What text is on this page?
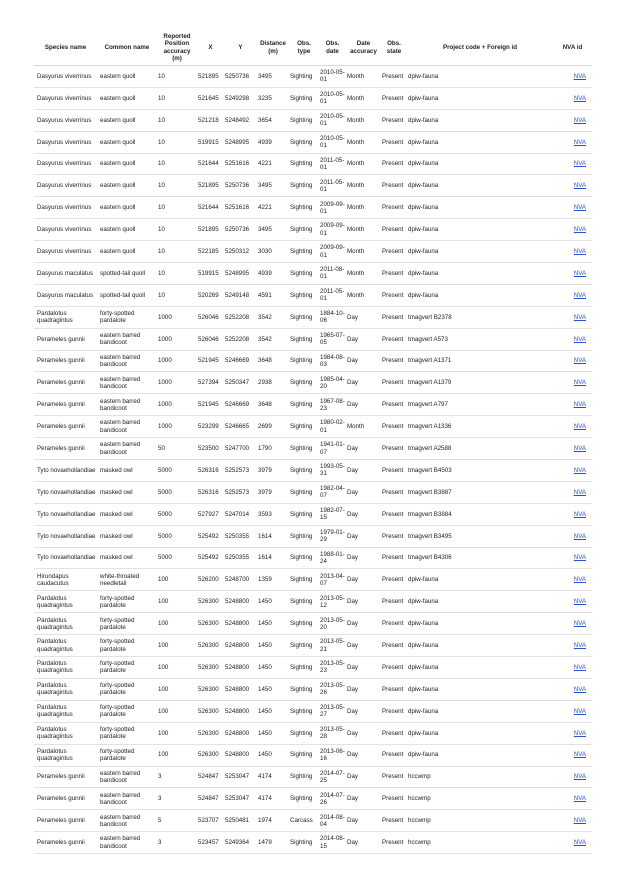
Species name	Common name	Reported Position accuracy (m)	X	Y	Distance (m)	Obs. type	Obs. date	Date accuracy	Obs. state	Project code + Foreign id	NVA id
Dasyurus viverrinus	eastern quoll	10	521895	5250736	3495	Sighting	2010-05-01	Month	Present	dpiw-fauna	NVA
Dasyurus viverrinus	eastern quoll	10	521645	5249298	3235	Sighting	2010-05-01	Month	Present	dpiw-fauna	NVA
Dasyurus viverrinus	eastern quoll	10	521218	5248492	3654	Sighting	2010-05-01	Month	Present	dpiw-fauna	NVA
Dasyurus viverrinus	eastern quoll	10	519915	5248995	4939	Sighting	2010-05-01	Month	Present	dpiw-fauna	NVA
Dasyurus viverrinus	eastern quoll	10	521644	5251616	4221	Sighting	2011-05-01	Month	Present	dpiw-fauna	NVA
Dasyurus viverrinus	eastern quoll	10	521895	5250736	3495	Sighting	2011-05-01	Month	Present	dpiw-fauna	NVA
Dasyurus viverrinus	eastern quoll	10	521644	5251616	4221	Sighting	2009-09-01	Month	Present	dpiw-fauna	NVA
Dasyurus viverrinus	eastern quoll	10	521895	5250736	3495	Sighting	2009-09-01	Month	Present	dpiw-fauna	NVA
Dasyurus viverrinus	eastern quoll	10	522185	5250312	3030	Sighting	2009-09-01	Month	Present	dpiw-fauna	NVA
Dasyurus maculatus	spotted-tail quoll	10	519915	5248995	4939	Sighting	2011-08-01	Month	Present	dpiw-fauna	NVA
Dasyurus maculatus	spotted-tail quoll	10	520269	5249148	4591	Sighting	2011-05-01	Month	Present	dpiw-fauna	NVA
Pardalotus quadragintus	forty-spotted pardalote	1000	526046	5252208	3542	Sighting	1884-10-06	Day	Present	tmagvert B2378	NVA
Perameles gunnii	eastern barred bandicoot	1000	526046	5252208	3542	Sighting	1965-07-05	Day	Present	tmagvert A573	NVA
Perameles gunnii	eastern barred bandicoot	1000	521945	5246669	3648	Sighting	1984-08-03	Day	Present	tmagvert A1371	NVA
Perameles gunnii	eastern barred bandicoot	1000	527394	5250347	2938	Sighting	1985-04-20	Day	Present	tmagvert A1379	NVA
Perameles gunnii	eastern barred bandicoot	1000	521945	5246669	3648	Sighting	1967-08-23	Day	Present	tmagvert A797	NVA
Perameles gunnii	eastern barred bandicoot	1000	523299	5246665	2699	Sighting	1980-02-01	Month	Present	tmagvert A1336	NVA
Perameles gunnii	eastern barred bandicoot	50	523500	5247700	1790	Sighting	1941-01-07	Day	Present	tmagvert A2588	NVA
Tyto novaehollandiae	masked owl	5000	526316	5252573	3979	Sighting	1993-05-31	Day	Present	tmagvert B4503	NVA
Tyto novaehollandiae	masked owl	5000	526316	5252573	3979	Sighting	1982-04-07	Day	Present	tmagvert B3887	NVA
Tyto novaehollandiae	masked owl	5000	527927	5247014	3593	Sighting	1982-07-15	Day	Present	tmagvert B3884	NVA
Tyto novaehollandiae	masked owl	5000	525492	5250355	1614	Sighting	1979-01-29	Day	Present	tmagvert B3495	NVA
Tyto novaehollandiae	masked owl	5000	525492	5250355	1614	Sighting	1988-01-24	Day	Present	tmagvert B4306	NVA
Hirundapus caudacutus	white-throated needletail	100	526200	5248700	1359	Sighting	2013-04-07	Day	Present	dpiw-fauna	NVA
Pardalotus quadragintus	forty-spotted pardalote	100	526300	5248800	1450	Sighting	2013-05-12	Day	Present	dpiw-fauna	NVA
Pardalotus quadragintus	forty-spotted pardalote	100	526300	5248800	1450	Sighting	2013-05-20	Day	Present	dpiw-fauna	NVA
Pardalotus quadragintus	forty-spotted pardalote	100	526300	5248800	1450	Sighting	2013-05-21	Day	Present	dpiw-fauna	NVA
Pardalotus quadragintus	forty-spotted pardalote	100	526300	5248800	1450	Sighting	2013-05-23	Day	Present	dpiw-fauna	NVA
Pardalotus quadragintus	forty-spotted pardalote	100	526300	5248800	1450	Sighting	2013-05-26	Day	Present	dpiw-fauna	NVA
Pardalotus quadragintus	forty-spotted pardalote	100	526300	5248800	1450	Sighting	2013-05-27	Day	Present	dpiw-fauna	NVA
Pardalotus quadragintus	forty-spotted pardalote	100	526300	5248800	1450	Sighting	2013-05-28	Day	Present	dpiw-fauna	NVA
Pardalotus quadragintus	forty-spotted pardalote	100	526300	5248800	1450	Sighting	2013-06-16	Day	Present	dpiw-fauna	NVA
Perameles gunnii	eastern barred bandicoot	3	524847	5253047	4174	Sighting	2014-07-25	Day	Present	hccwmp	NVA
Perameles gunnii	eastern barred bandicoot	3	524847	5253047	4174	Sighting	2014-07-26	Day	Present	hccwmp	NVA
Perameles gunnii	eastern barred bandicoot	5	523707	5250481	1974	Carcass	2014-08-04	Day	Present	hccwmp	NVA
Perameles gunnii	eastern barred bandicoot	3	523457	5249364	1479	Sighting	2014-08-15	Day	Present	hccwmp	NVA
